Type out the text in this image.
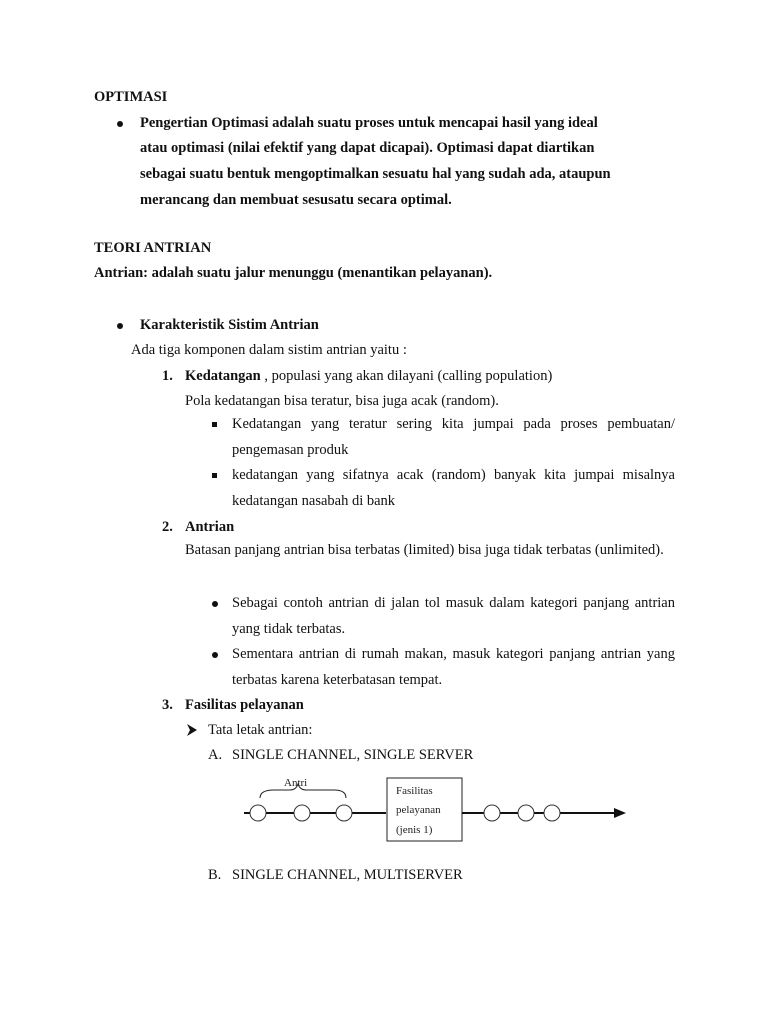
OPTIMASI
Pengertian Optimasi adalah suatu proses untuk mencapai hasil yang ideal
atau optimasi (nilai efektif yang dapat dicapai). Optimasi dapat diartikan
sebagai suatu bentuk mengoptimalkan sesuatu hal yang sudah ada, ataupun
merancang dan membuat sesusatu secara optimal.
TEORI ANTRIAN
Antrian: adalah suatu jalur menunggu (menantikan pelayanan).
Karakteristik Sistim Antrian
Ada tiga komponen dalam sistim antrian yaitu :
1. Kedatangan , populasi yang akan dilayani (calling population)
Pola kedatangan bisa teratur, bisa juga acak (random).
Kedatangan yang teratur sering kita jumpai pada proses pembuatan/ pengemasan produk
kedatangan yang sifatnya acak (random) banyak kita jumpai misalnya kedatangan nasabah di bank
2. Antrian
Batasan panjang antrian bisa terbatas (limited) bisa juga tidak terbatas (unlimited).
Sebagai contoh antrian di jalan tol masuk dalam kategori panjang antrian yang tidak terbatas.
Sementara antrian di rumah makan, masuk kategori panjang antrian yang terbatas karena keterbatasan tempat.
3. Fasilitas pelayanan
Tata letak antrian:
A. SINGLE CHANNEL, SINGLE SERVER
Antri
Fasilitas
pelayanan
(jenis 1)
B. SINGLE CHANNEL, MULTISERVER
